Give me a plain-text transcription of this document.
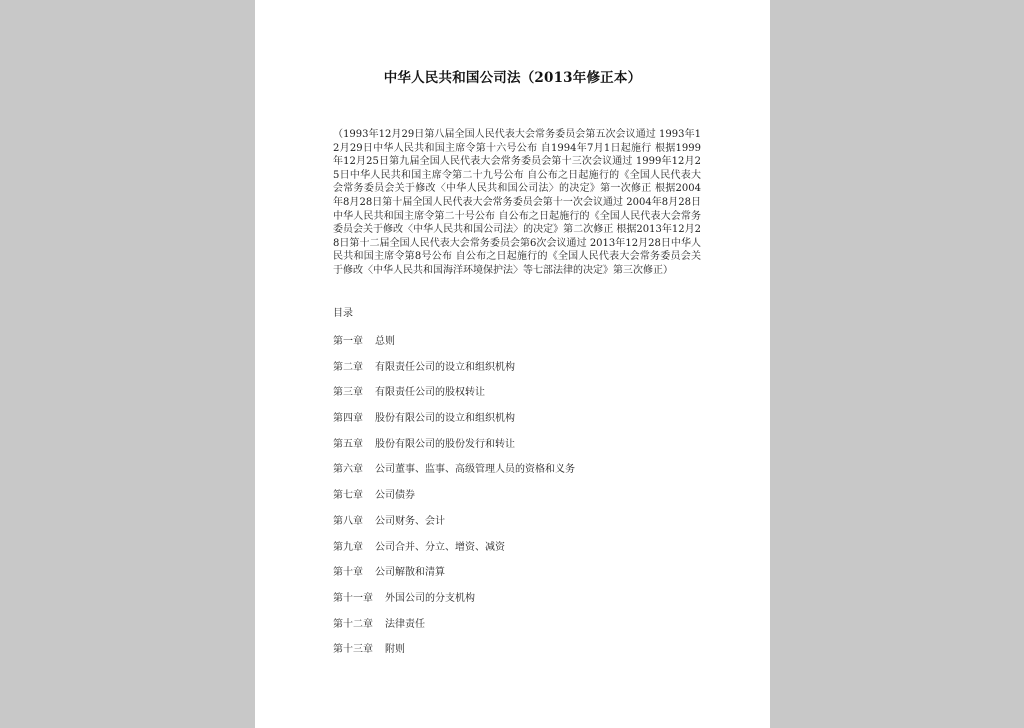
中华人民共和国公司法（2013年修正本）

（1993年12月29日第八届全国人民代表大会常务委员会第五次会议通过 1993年12月29日中华人民共和国主席令第十六号公布 自1994年7月1日起施行 根据1999年12月25日第九届全国人民代表大会常务委员会第十三次会议通过 1999年12月25日中华人民共和国主席令第二十九号公布 自公布之日起施行的《全国人民代表大会常务委员会关于修改〈中华人民共和国公司法〉的决定》第一次修正 根据2004年8月28日第十届全国人民代表大会常务委员会第十一次会议通过 2004年8月28日中华人民共和国主席令第二十号公布 自公布之日起施行的《全国人民代表大会常务委员会关于修改〈中华人民共和国公司法〉的决定》第二次修正 根据2013年12月28日第十二届全国人民代表大会常务委员会第6次会议通过 2013年12月28日中华人民共和国主席令第8号公布 自公布之日起施行的《全国人民代表大会常务委员会关于修改〈中华人民共和国海洋环境保护法〉等七部法律的决定》第三次修正）

目录
第一章 总则
第二章 有限责任公司的设立和组织机构
第三章 有限责任公司的股权转让
第四章 股份有限公司的设立和组织机构
第五章 股份有限公司的股份发行和转让
第六章 公司董事、监事、高级管理人员的资格和义务
第七章 公司债券
第八章 公司财务、会计
第九章 公司合并、分立、增资、减资
第十章 公司解散和清算
第十一章 外国公司的分支机构
第十二章 法律责任
第十三章 附则
